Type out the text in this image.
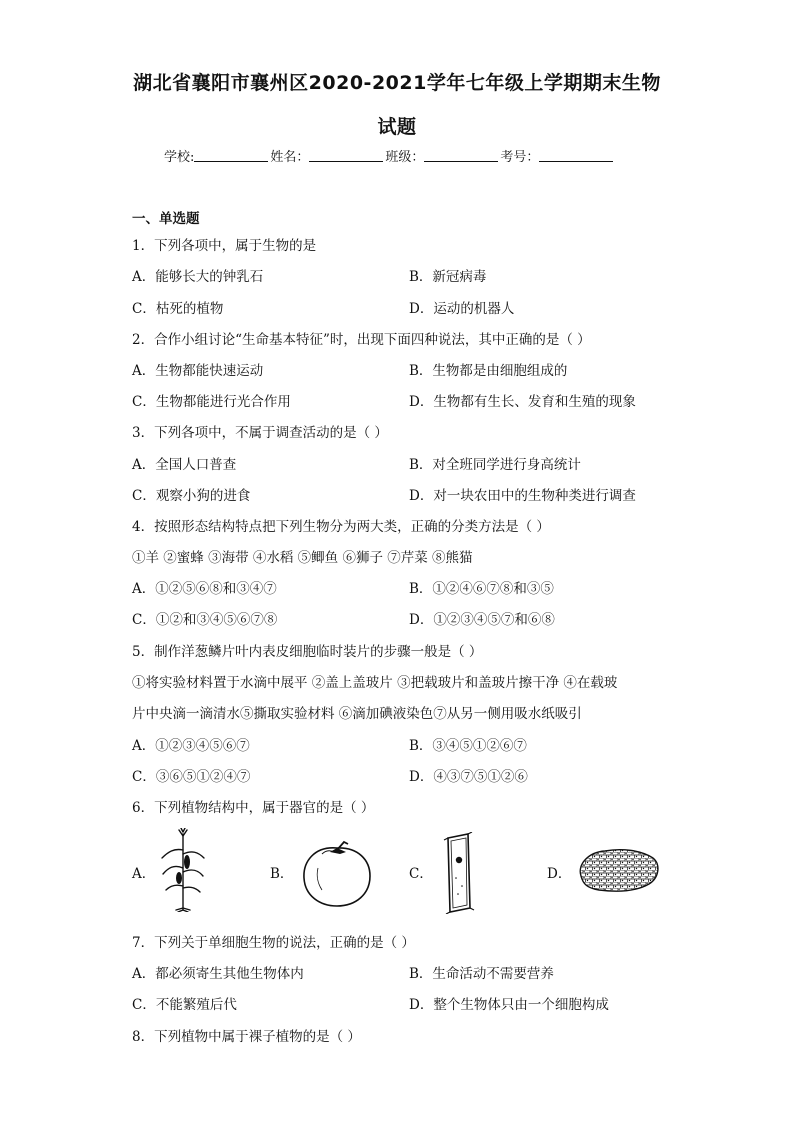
湖北省襄阳市襄州区2020-2021学年七年级上学期期末生物
试题
学校:	姓名：	班级：	考号：
一、单选题
1．下列各项中，属于生物的是
A．能够长大的钟乳石	B．新冠病毒
C．枯死的植物	D．运动的机器人
2．合作小组讨论“生命基本特征”时，出现下面四种说法，其中正确的是（ ）
A．生物都能快速运动	B．生物都是由细胞组成的
C．生物都能进行光合作用	D．生物都有生长、发育和生殖的现象
3．下列各项中，不属于调查活动的是（ ）
A．全国人口普查	B．对全班同学进行身高统计
C．观察小狗的进食	D．对一块农田中的生物种类进行调查
4．按照形态结构特点把下列生物分为两大类，正确的分类方法是（ ）
①羊 ②蜜蜂 ③海带 ④水稻 ⑤鲫鱼 ⑥狮子 ⑦芹菜 ⑧熊猫
A．①②⑤⑥⑧和③④⑦	B．①②④⑥⑦⑧和③⑤
C．①②和③④⑤⑥⑦⑧	D．①②③④⑤⑦和⑥⑧
5．制作洋葱鳞片叶内表皮细胞临时装片的步骤一般是（ ）
①将实验材料置于水滴中展平 ②盖上盖玻片 ③把载玻片和盖玻片擦干净 ④在载玻
片中央滴一滴清水⑤撕取实验材料 ⑥滴加碘液染色⑦从另一侧用吸水纸吸引
A．①②③④⑤⑥⑦	B．③④⑤①②⑥⑦
C．③⑥⑤①②④⑦	D．④③⑦⑤①②⑥
6．下列植物结构中，属于器官的是（ ）
A．	B．	C．	D．
7．下列关于单细胞生物的说法，正确的是（ ）
A．都必须寄生其他生物体内	B．生命活动不需要营养
C．不能繁殖后代	D．整个生物体只由一个细胞构成
8．下列植物中属于裸子植物的是（ ）
